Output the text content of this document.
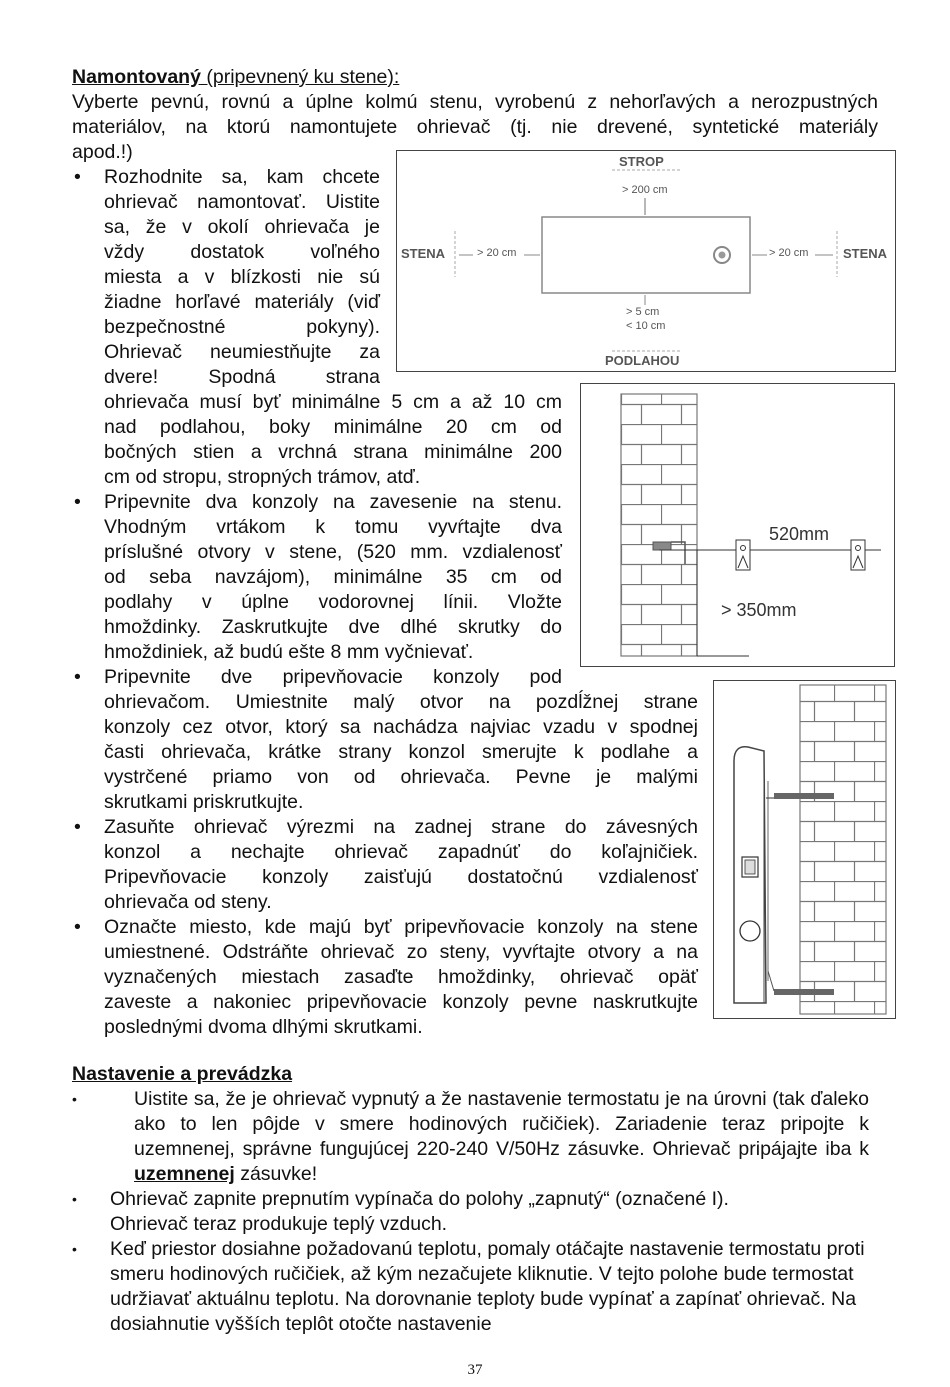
Namontovaný (pripevnený ku stene):
Vyberte pevnú, rovnú a úplne kolmú stenu, vyrobenú z nehorľavých a nerozpustných
materiálov, na ktorú namontujete ohrievač (tj. nie drevené, syntetické materiály
apod.!)
• Rozhodnite sa, kam chcete
ohrievač namontovať. Uistite
sa, že v okolí ohrievača je
vždy dostatok voľného
miesta a v blízkosti nie sú
žiadne horľavé materiály (viď
bezpečnostné pokyny).
Ohrievač neumiestňujte za
dvere! Spodná strana
ohrievača musí byť minimálne 5 cm a až 10 cm
nad podlahou, boky minimálne 20 cm od
bočných stien a vrchná strana minimálne 200
cm od stropu, stropných trámov, atď.
• Pripevnite dva konzoly na zavesenie na stenu.
Vhodným vrtákom k tomu vyvŕtajte dva
príslušné otvory v stene, (520 mm. vzdialenosť
od seba navzájom), minimálne 35 cm od
podlahy v úplne vodorovnej línii. Vložte
hmoždinky. Zaskrutkujte dve dlhé skrutky do
hmoždiniek, až budú ešte 8 mm vyčnievať.
• Pripevnite dve pripevňovacie konzoly pod
ohrievačom. Umiestnite malý otvor na pozdĺžnej strane
konzoly cez otvor, ktorý sa nachádza najviac vzadu v spodnej
časti ohrievača, krátke strany konzol smerujte k podlahe a
vystrčené priamo von od ohrievača. Pevne je malými
skrutkami priskrutkujte.
• Zasuňte ohrievač výrezmi na zadnej strane do závesných
konzol a nechajte ohrievač zapadnúť do koľajničiek.
Pripevňovacie konzoly zaisťujú dostatočnú vzdialenosť
ohrievača od steny.
• Označte miesto, kde majú byť pripevňovacie konzoly na stene
umiestnené. Odstráňte ohrievač zo steny, vyvŕtajte otvory a na
vyznačených miestach zasaďte hmoždinky, ohrievač opäť
zaveste a nakoniec pripevňovacie konzoly pevne naskrutkujte
poslednými dvoma dlhými skrutkami.
STROP
> 200 cm
STENA	> 20 cm	> 20 cm	STENA
> 5 cm
< 10 cm
PODLAHOU
520mm
> 350mm
Nastavenie a prevádzka
•	Uistite sa, že je ohrievač vypnutý a že nastavenie termostatu je na úrovni (tak ďaleko ako to len pôjde v smere hodinových ručičiek). Zariadenie teraz pripojte k uzemnenej, správne fungujúcej 220-240 V/50Hz zásuvke. Ohrievač pripájajte iba k uzemnenej zásuvke!
• Ohrievač zapnite prepnutím vypínača do polohy „zapnutý“ (označené I). Ohrievač teraz produkuje teplý vzduch.
• Keď priestor dosiahne požadovanú teplotu, pomaly otáčajte nastavenie termostatu proti smeru hodinových ručičiek, až kým nezačujete kliknutie. V tejto polohe bude termostat udržiavať aktuálnu teplotu. Na dorovnanie teploty bude vypínať a zapínať ohrievač. Na dosiahnutie vyšších teplôt otočte nastavenie
37
